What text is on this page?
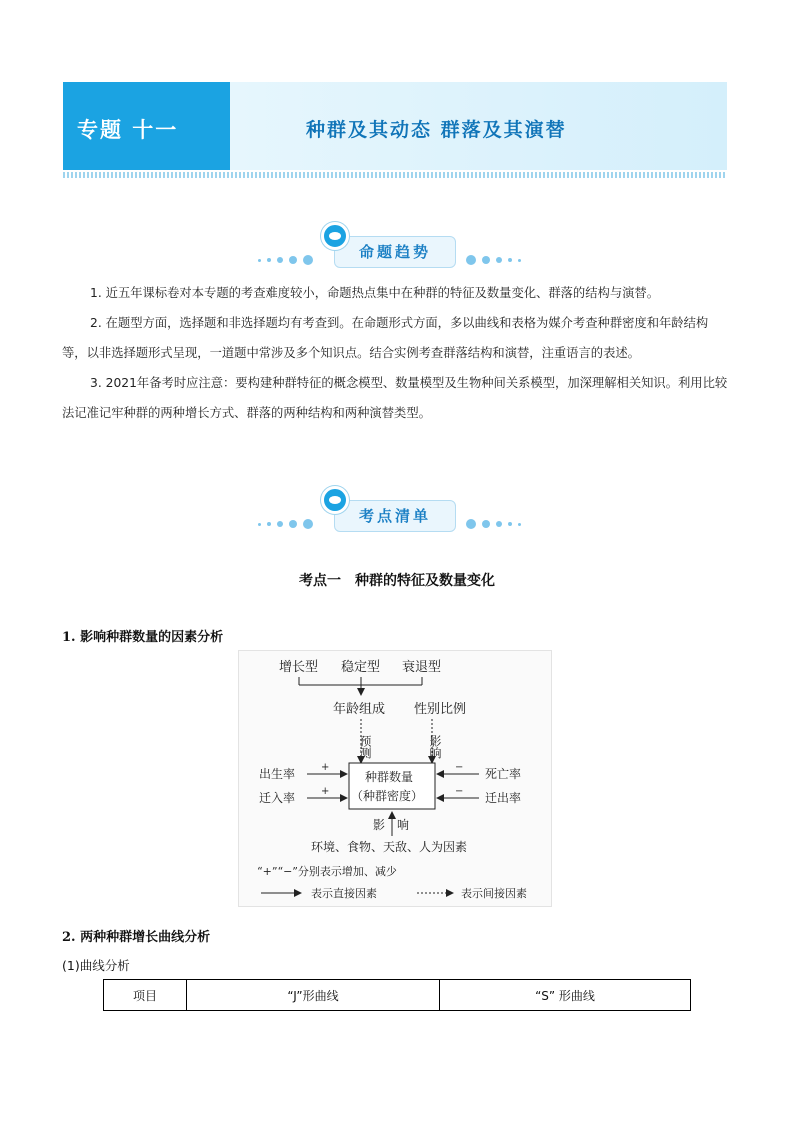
专题 十一	种群及其动态 群落及其演替
命题趋势

1. 近五年课标卷对本专题的考查难度较小，命题热点集中在种群的特征及数量变化、群落的结构与演替。

2. 在题型方面，选择题和非选择题均有考查到。在命题形式方面，多以曲线和表格为媒介考查种群密度和年龄结构等，以非选择题形式呈现，一道题中常涉及多个知识点。结合实例考查群落结构和演替，注重语言的表述。

3. 2021年备考时应注意：要构建种群特征的概念模型、数量模型及生物种间关系模型，加深理解相关知识。利用比较法记准记牢种群的两种增长方式、群落的两种结构和两种演替类型。

考点清单
考点一　种群的特征及数量变化
1. 影响种群数量的因素分析
增长型 稳定型 衰退型
年龄组成 性别比例
预测	影响
种群数量
（种群密度）
出生率
迁入率
+
+
死亡率
迁出率
−
−
影　响
环境、食物、天敌、人为因素
“+”“−”分别表示增加、减少
表示直接因素	表示间接因素
2. 两种种群增长曲线分析
(1)曲线分析
项目	“J”形曲线	“S” 形曲线
